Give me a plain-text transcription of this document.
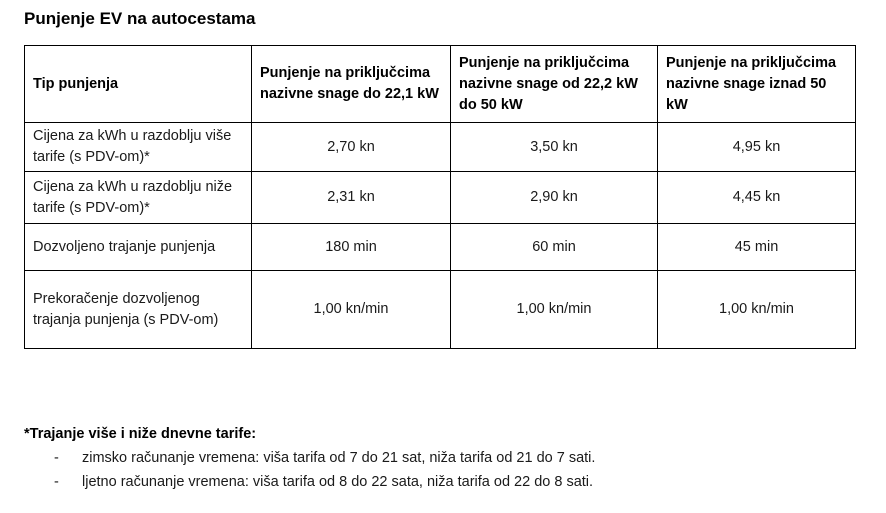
Punjenje EV na autocestama
Tip punjenja	Punjenje na priključcima nazivne snage do 22,1 kW	Punjenje na priključcima nazivne snage od 22,2 kW do 50 kW	Punjenje na priključcima nazivne snage iznad 50 kW
Cijena za kWh u razdoblju više tarife (s PDV-om)*	2,70 kn	3,50 kn	4,95 kn
Cijena za kWh u razdoblju niže tarife (s PDV-om)*	2,31 kn	2,90 kn	4,45 kn
Dozvoljeno trajanje punjenja	180 min	60 min	45 min
Prekoračenje dozvoljenog trajanja punjenja (s PDV-om)	1,00 kn/min	1,00 kn/min	1,00 kn/min
*Trajanje više i niže dnevne tarife:
- zimsko računanje vremena: viša tarifa od 7 do 21 sat, niža tarifa od 21 do 7 sati.
- ljetno računanje vremena: viša tarifa od 8 do 22 sata, niža tarifa od 22 do 8 sati.
